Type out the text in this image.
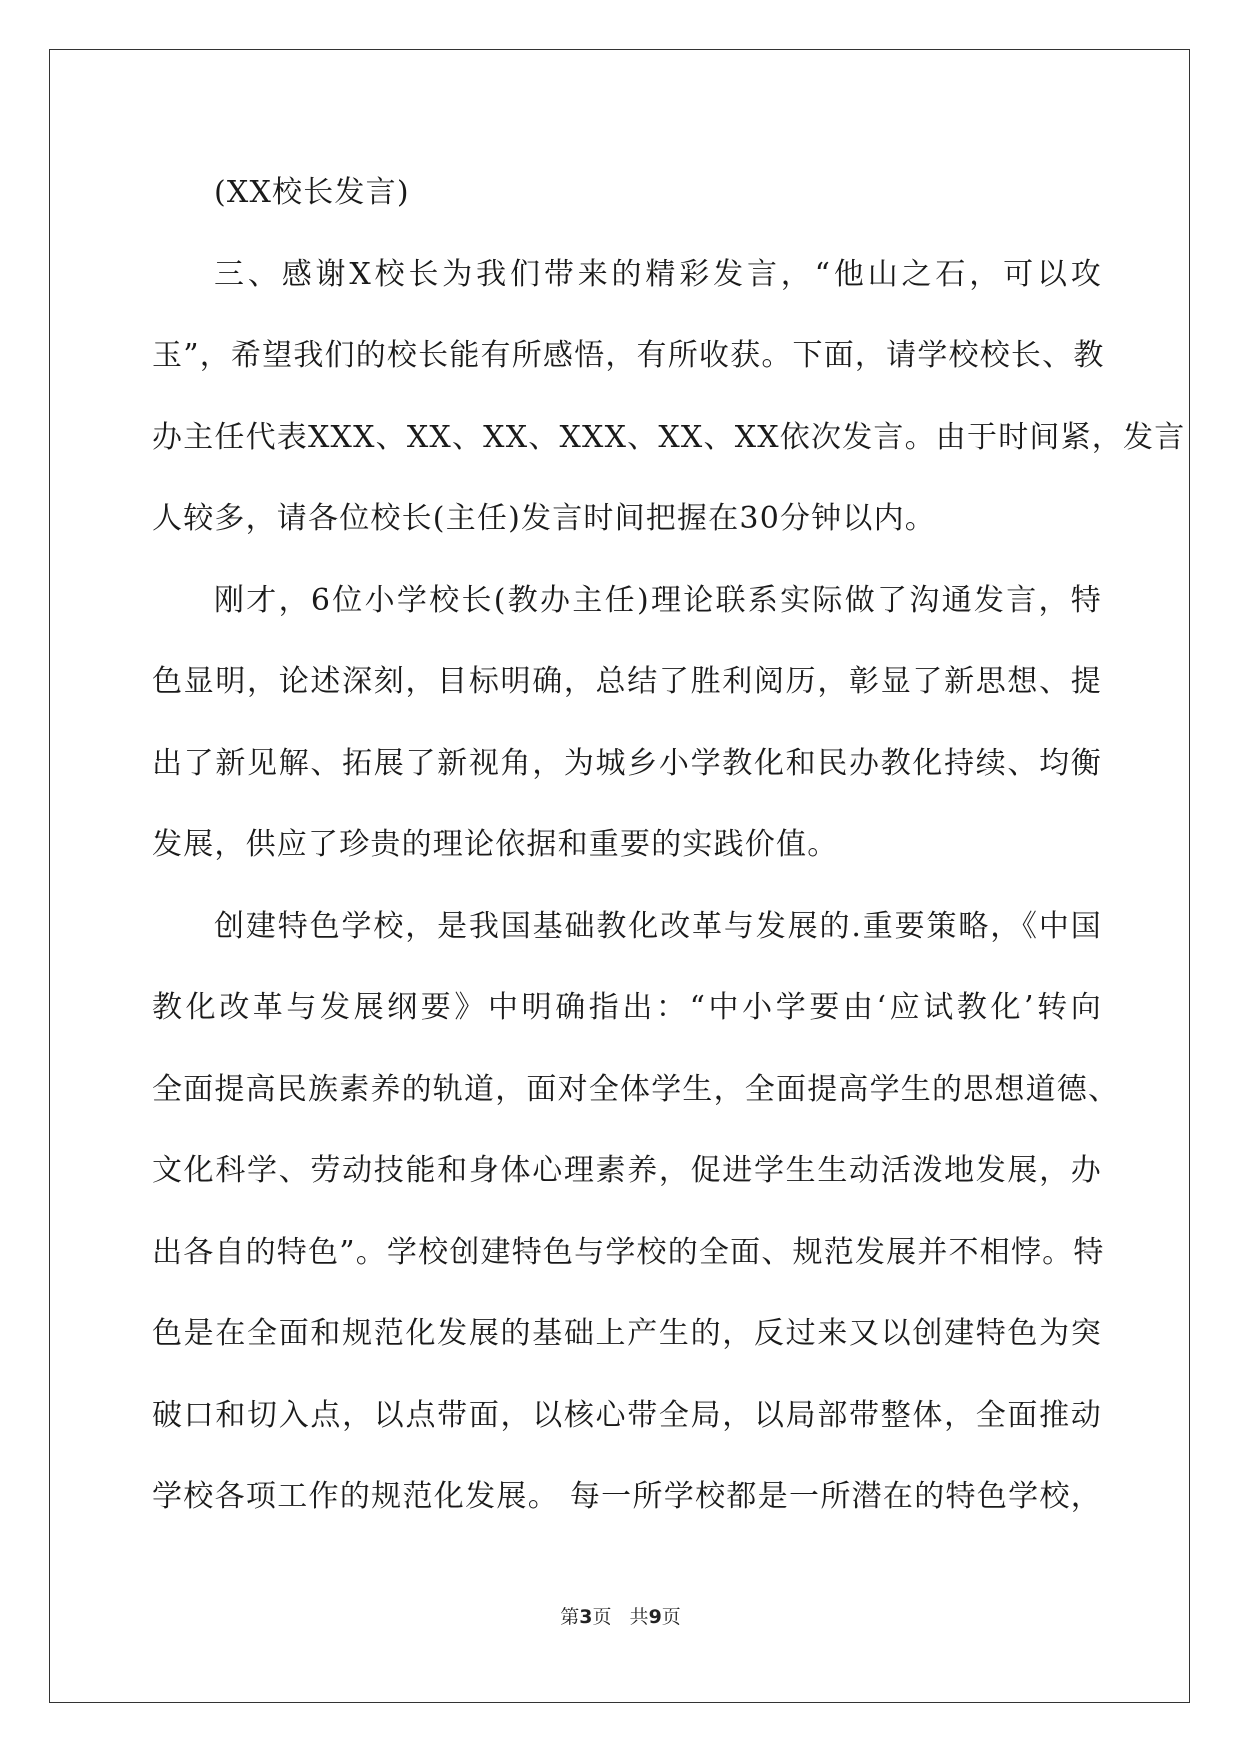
(XX校长发言)
三、感谢X校长为我们带来的精彩发言，“他山之石，可以攻
玉”，希望我们的校长能有所感悟，有所收获。下面，请学校校长、教
办主任代表XXX、XX、XX、XXX、XX、XX依次发言。由于时间紧，发言
人较多，请各位校长(主任)发言时间把握在30分钟以内。
刚才，6位小学校长(教办主任)理论联系实际做了沟通发言，特
色显明，论述深刻，目标明确，总结了胜利阅历，彰显了新思想、提
出了新见解、拓展了新视角，为城乡小学教化和民办教化持续、均衡
发展，供应了珍贵的理论依据和重要的实践价值。
创建特色学校，是我国基础教化改革与发展的.重要策略，《中国
教化改革与发展纲要》中明确指出：“中小学要由‘应试教化’转向
全面提高民族素养的轨道，面对全体学生，全面提高学生的思想道德、
文化科学、劳动技能和身体心理素养，促进学生生动活泼地发展，办
出各自的特色”。学校创建特色与学校的全面、规范发展并不相悖。特
色是在全面和规范化发展的基础上产生的，反过来又以创建特色为突
破口和切入点，以点带面，以核心带全局，以局部带整体，全面推动
学校各项工作的规范化发展。 每一所学校都是一所潜在的特色学校，
第3页   共9页
